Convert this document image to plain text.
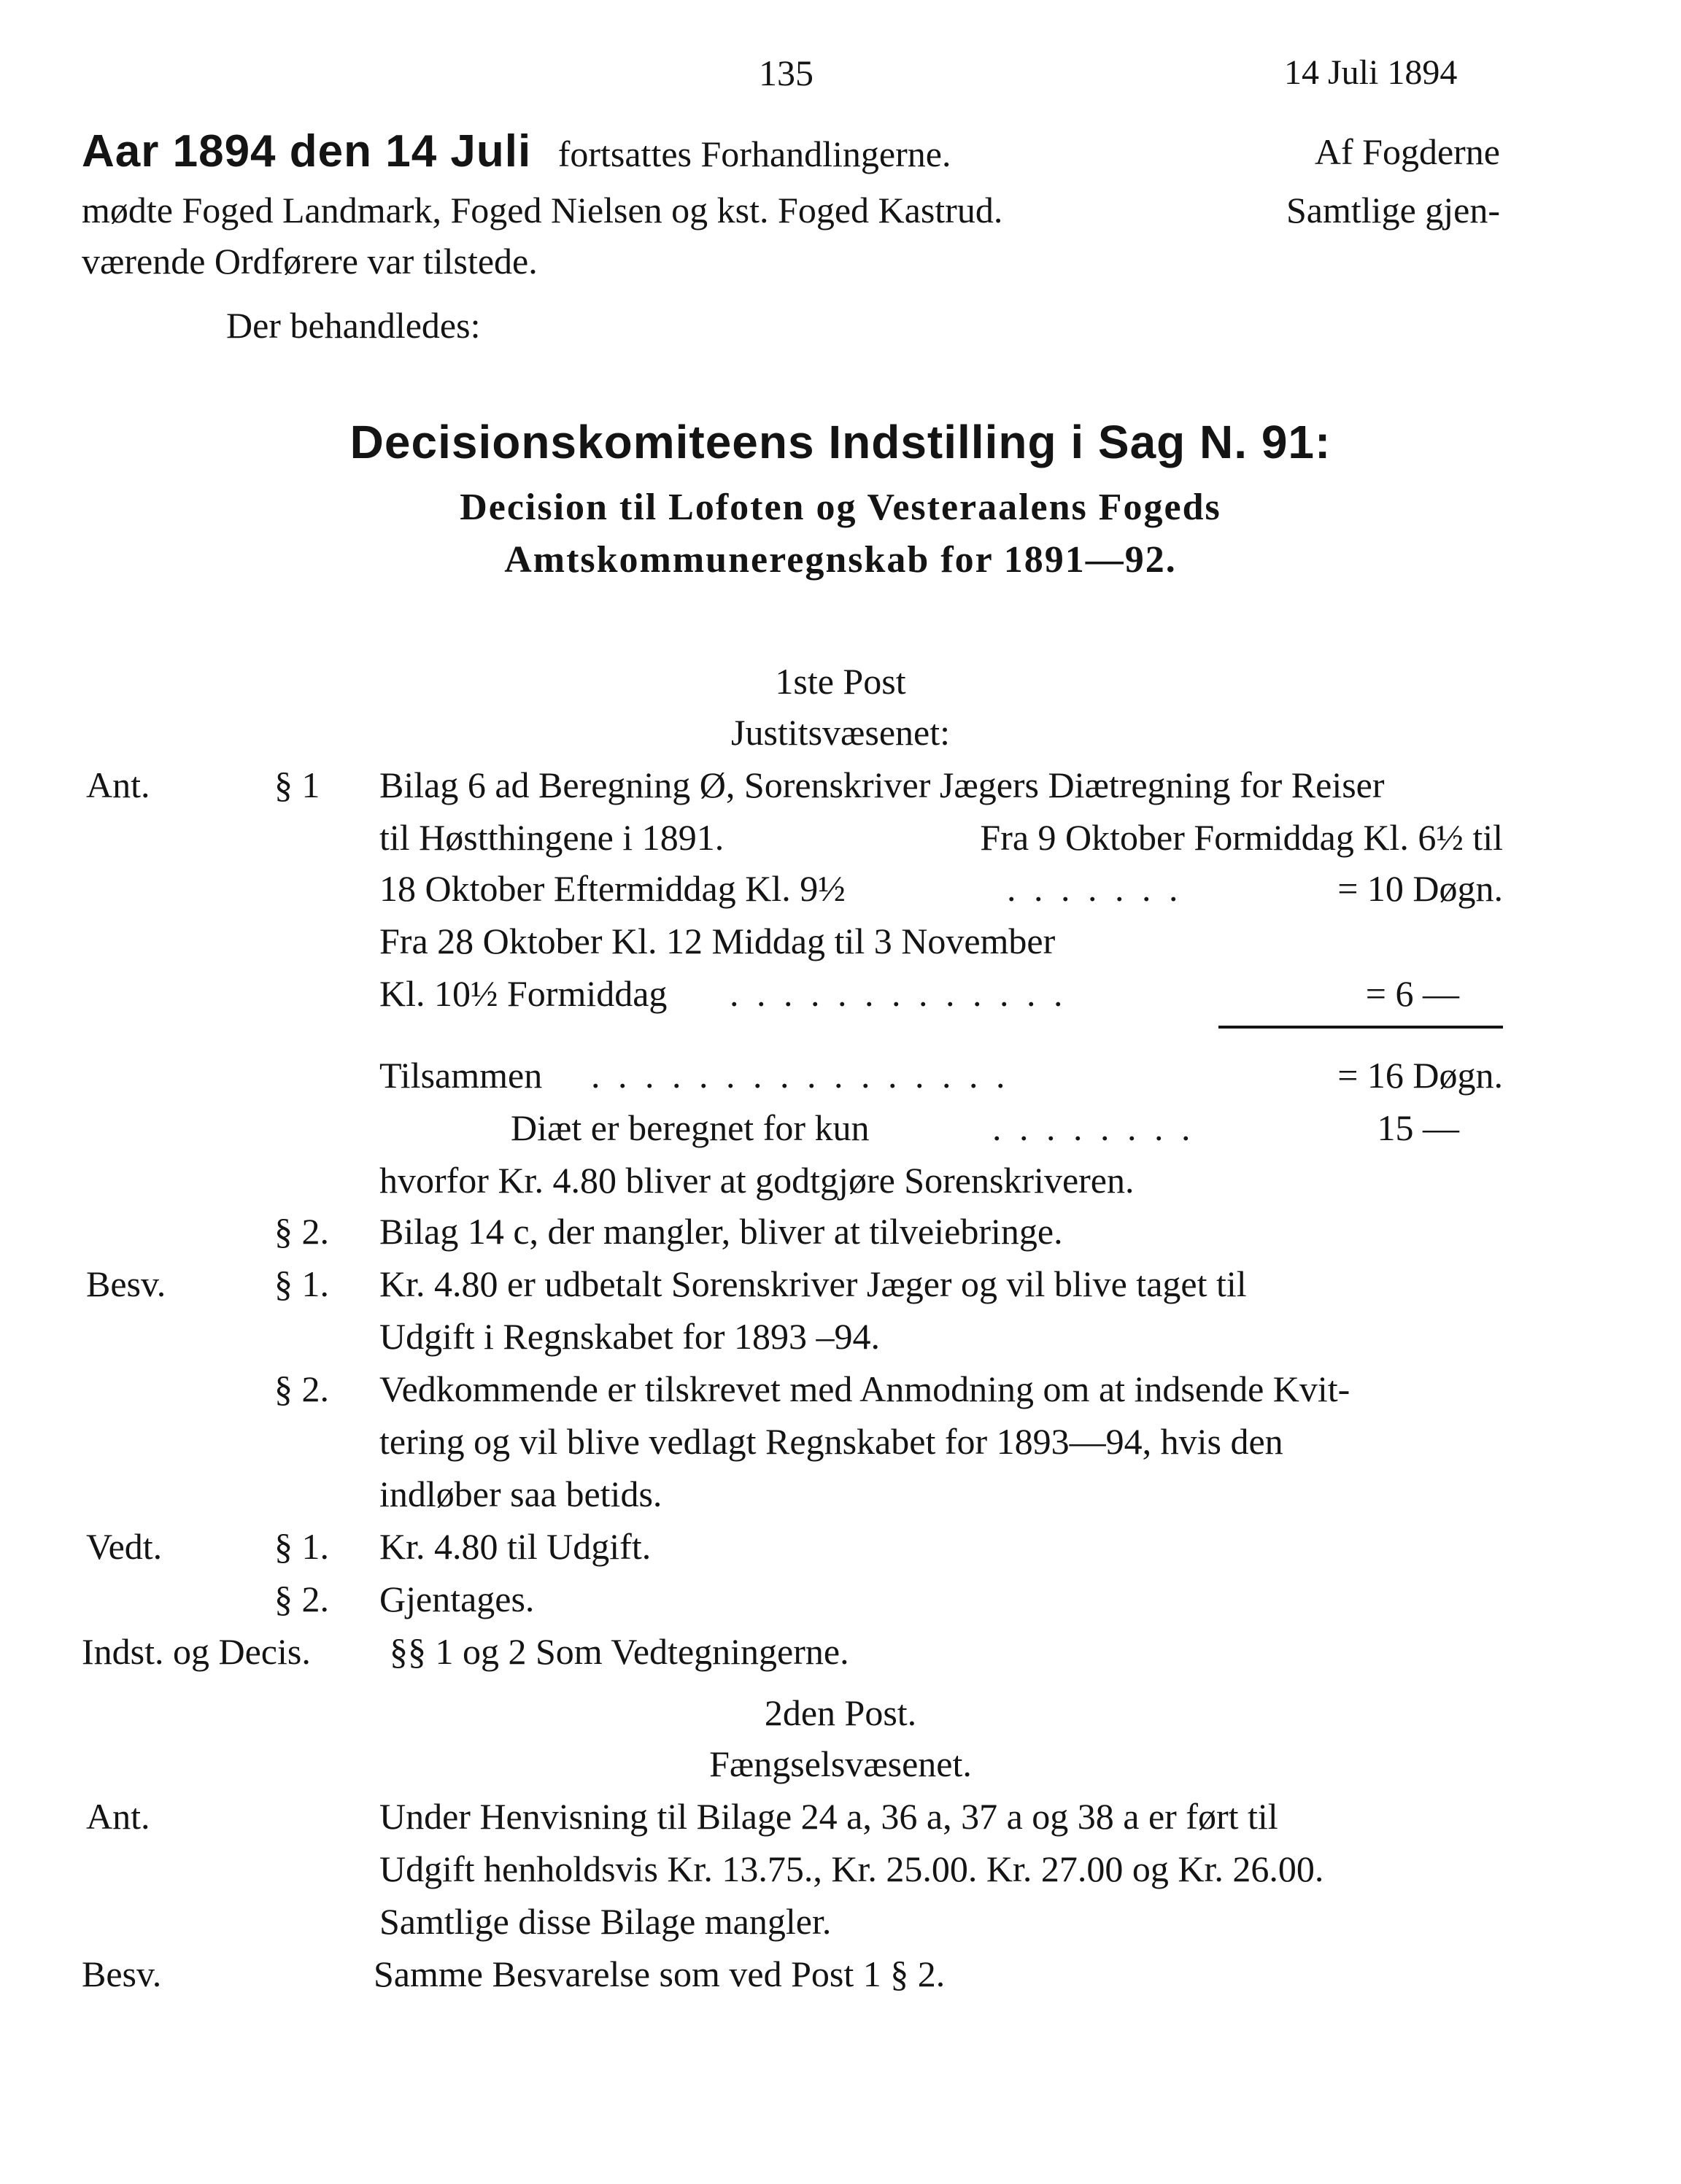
135	14 Juli 1894
Aar 1894 den 14 Juli fortsattes Forhandlingerne.	Af Fogderne
mødte Foged Landmark, Foged Nielsen og kst. Foged Kastrud.	Samtlige gjen-
værende Ordførere var tilstede.
Der behandledes:
Decisionskomiteens Indstilling i Sag N. 91:
Decision til Lofoten og Vesteraalens Fogeds
Amtskommuneregnskab for 1891—92.
1ste Post
Justitsvæsenet:
Ant.	§ 1 Bilag 6 ad Beregning Ø, Sorenskriver Jægers Diætregning for Reiser
til Høstthingene i 1891.	Fra 9 Oktober Formiddag Kl. 6½ til
18 Oktober Eftermiddag Kl. 9½	. . . . . . .	= 10 Døgn.
Fra 28 Oktober Kl. 12 Middag til 3 November
Kl. 10½ Formiddag . . . . . . . . . . . . .	= 6 —
Tilsammen . . . . . . . . . . . . . . . .	= 16 Døgn.
Diæt er beregnet for kun	. . . . . . . .	15 —
hvorfor Kr. 4.80 bliver at godtgjøre Sorenskriveren.
§ 2. Bilag 14 c, der mangler, bliver at tilveiebringe.
Besv.	§ 1. Kr. 4.80 er udbetalt Sorenskriver Jæger og vil blive taget til
Udgift i Regnskabet for 1893 –94.
§ 2. Vedkommende er tilskrevet med Anmodning om at indsende Kvit-
tering og vil blive vedlagt Regnskabet for 1893—94, hvis den
indløber saa betids.
Vedt.	§ 1. Kr. 4.80 til Udgift.
§ 2. Gjentages.
Indst. og Decis. §§ 1 og 2 Som Vedtegningerne.
2den Post.
Fængselsvæsenet.
Ant.	Under Henvisning til Bilage 24 a, 36 a, 37 a og 38 a er ført til
Udgift henholdsvis Kr. 13.75., Kr. 25.00. Kr. 27.00 og Kr. 26.00.
Samtlige disse Bilage mangler.
Besv.	Samme Besvarelse som ved Post 1 § 2.
